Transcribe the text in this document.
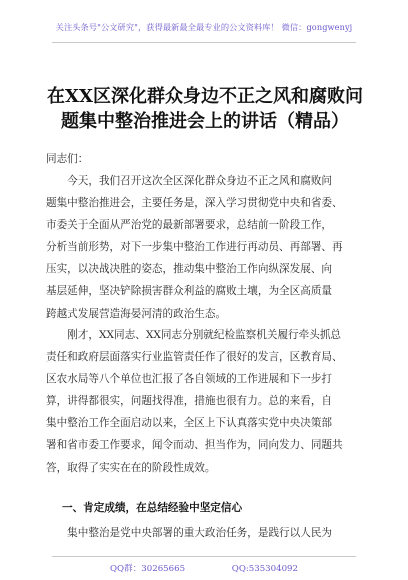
关注头条号"公文研究"，获得最新最全最专业的公文资料库！ 微信：gongwenyj
在XX区深化群众身边不正之风和腐败问
题集中整治推进会上的讲话（精品）
同志们：
　　今天，我们召开这次全区深化群众身边不正之风和腐败问
题集中整治推进会，主要任务是，深入学习贯彻党中央和省委、
市委关于全面从严治党的最新部署要求，总结前一阶段工作，
分析当前形势，对下一步集中整治工作进行再动员、再部署、再
压实，以决战决胜的姿态，推动集中整治工作向纵深发展、向
基层延伸，坚决铲除损害群众利益的腐败土壤，为全区高质量
跨越式发展营造海晏河清的政治生态。
　　刚才，XX同志、XX同志分别就纪检监察机关履行牵头抓总
责任和政府层面落实行业监管责任作了很好的发言，区教育局、
区农水局等八个单位也汇报了各自领域的工作进展和下一步打
算，讲得都很实，问题找得准，措施也很有力。总的来看，自
集中整治工作全面启动以来，全区上下认真落实党中央决策部
署和省市委工作要求，闻令而动、担当作为，同向发力、同题共
答，取得了实实在在的阶段性成效。
一、肯定成绩，在总结经验中坚定信心
　　集中整治是党中央部署的重大政治任务，是践行以人民为
QQ群：30265665	QQ:535304092
